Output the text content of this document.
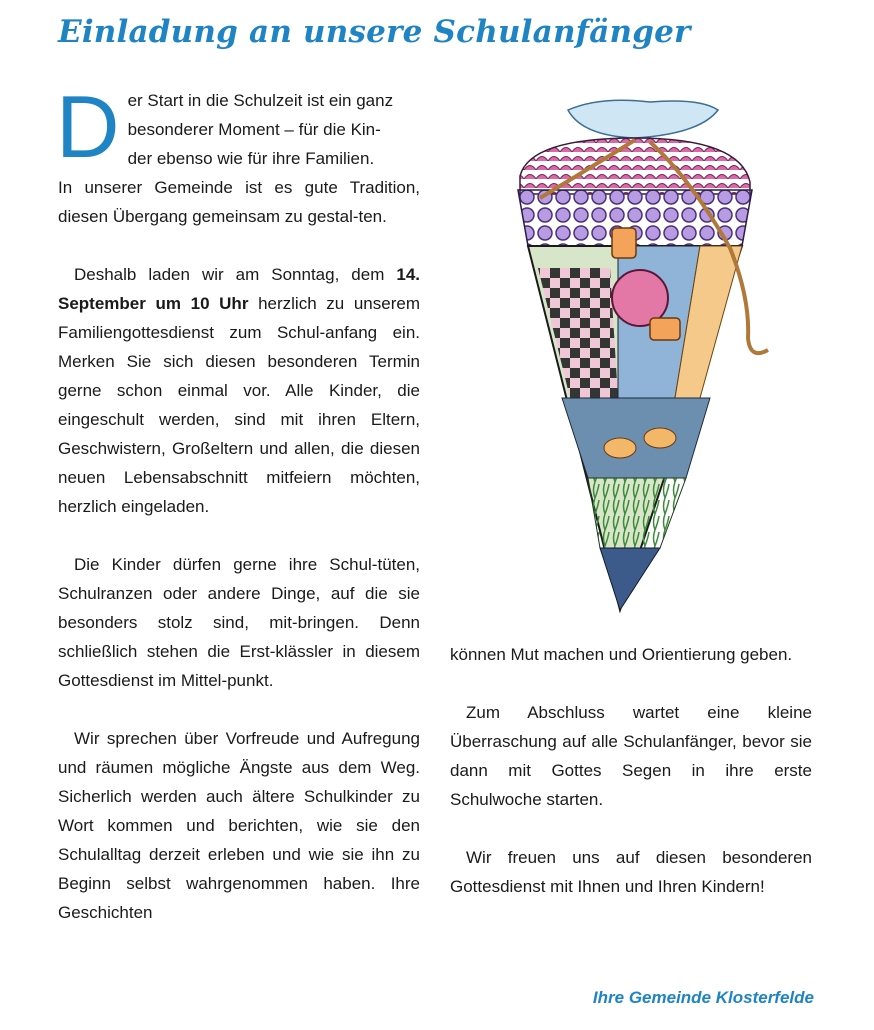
Einladung an unsere Schulanfänger

D er Start in die Schulzeit ist ein ganz
besonderer Moment – für die Kin-
der ebenso wie für ihre Familien.
In unserer Gemeinde ist es gute Tradition, diesen Übergang gemeinsam zu gestal-ten.

Deshalb laden wir am Sonntag, dem 14. September um 10 Uhr herzlich zu unserem Familiengottesdienst zum Schul-anfang ein. Merken Sie sich diesen besonderen Termin gerne schon einmal vor. Alle Kinder, die eingeschult werden, sind mit ihren Eltern, Geschwistern, Großeltern und allen, die diesen neuen Lebensabschnitt mitfeiern möchten, herzlich eingeladen.

Die Kinder dürfen gerne ihre Schul-tüten, Schulranzen oder andere Dinge, auf die sie besonders stolz sind, mit-bringen. Denn schließlich stehen die Erst-klässler in diesem Gottesdienst im Mittel-punkt.

Wir sprechen über Vorfreude und Aufregung und räumen mögliche Ängste aus dem Weg. Sicherlich werden auch ältere Schulkinder zu Wort kommen und berichten, wie sie den Schulalltag derzeit erleben und wie sie ihn zu Beginn selbst wahrgenommen haben. Ihre Geschichten

können Mut machen und Orientierung geben.

Zum Abschluss wartet eine kleine Überraschung auf alle Schulanfänger, bevor sie dann mit Gottes Segen in ihre erste Schulwoche starten.

Wir freuen uns auf diesen besonderen Gottesdienst mit Ihnen und Ihren Kindern!

Ihre Gemeinde Klosterfelde
